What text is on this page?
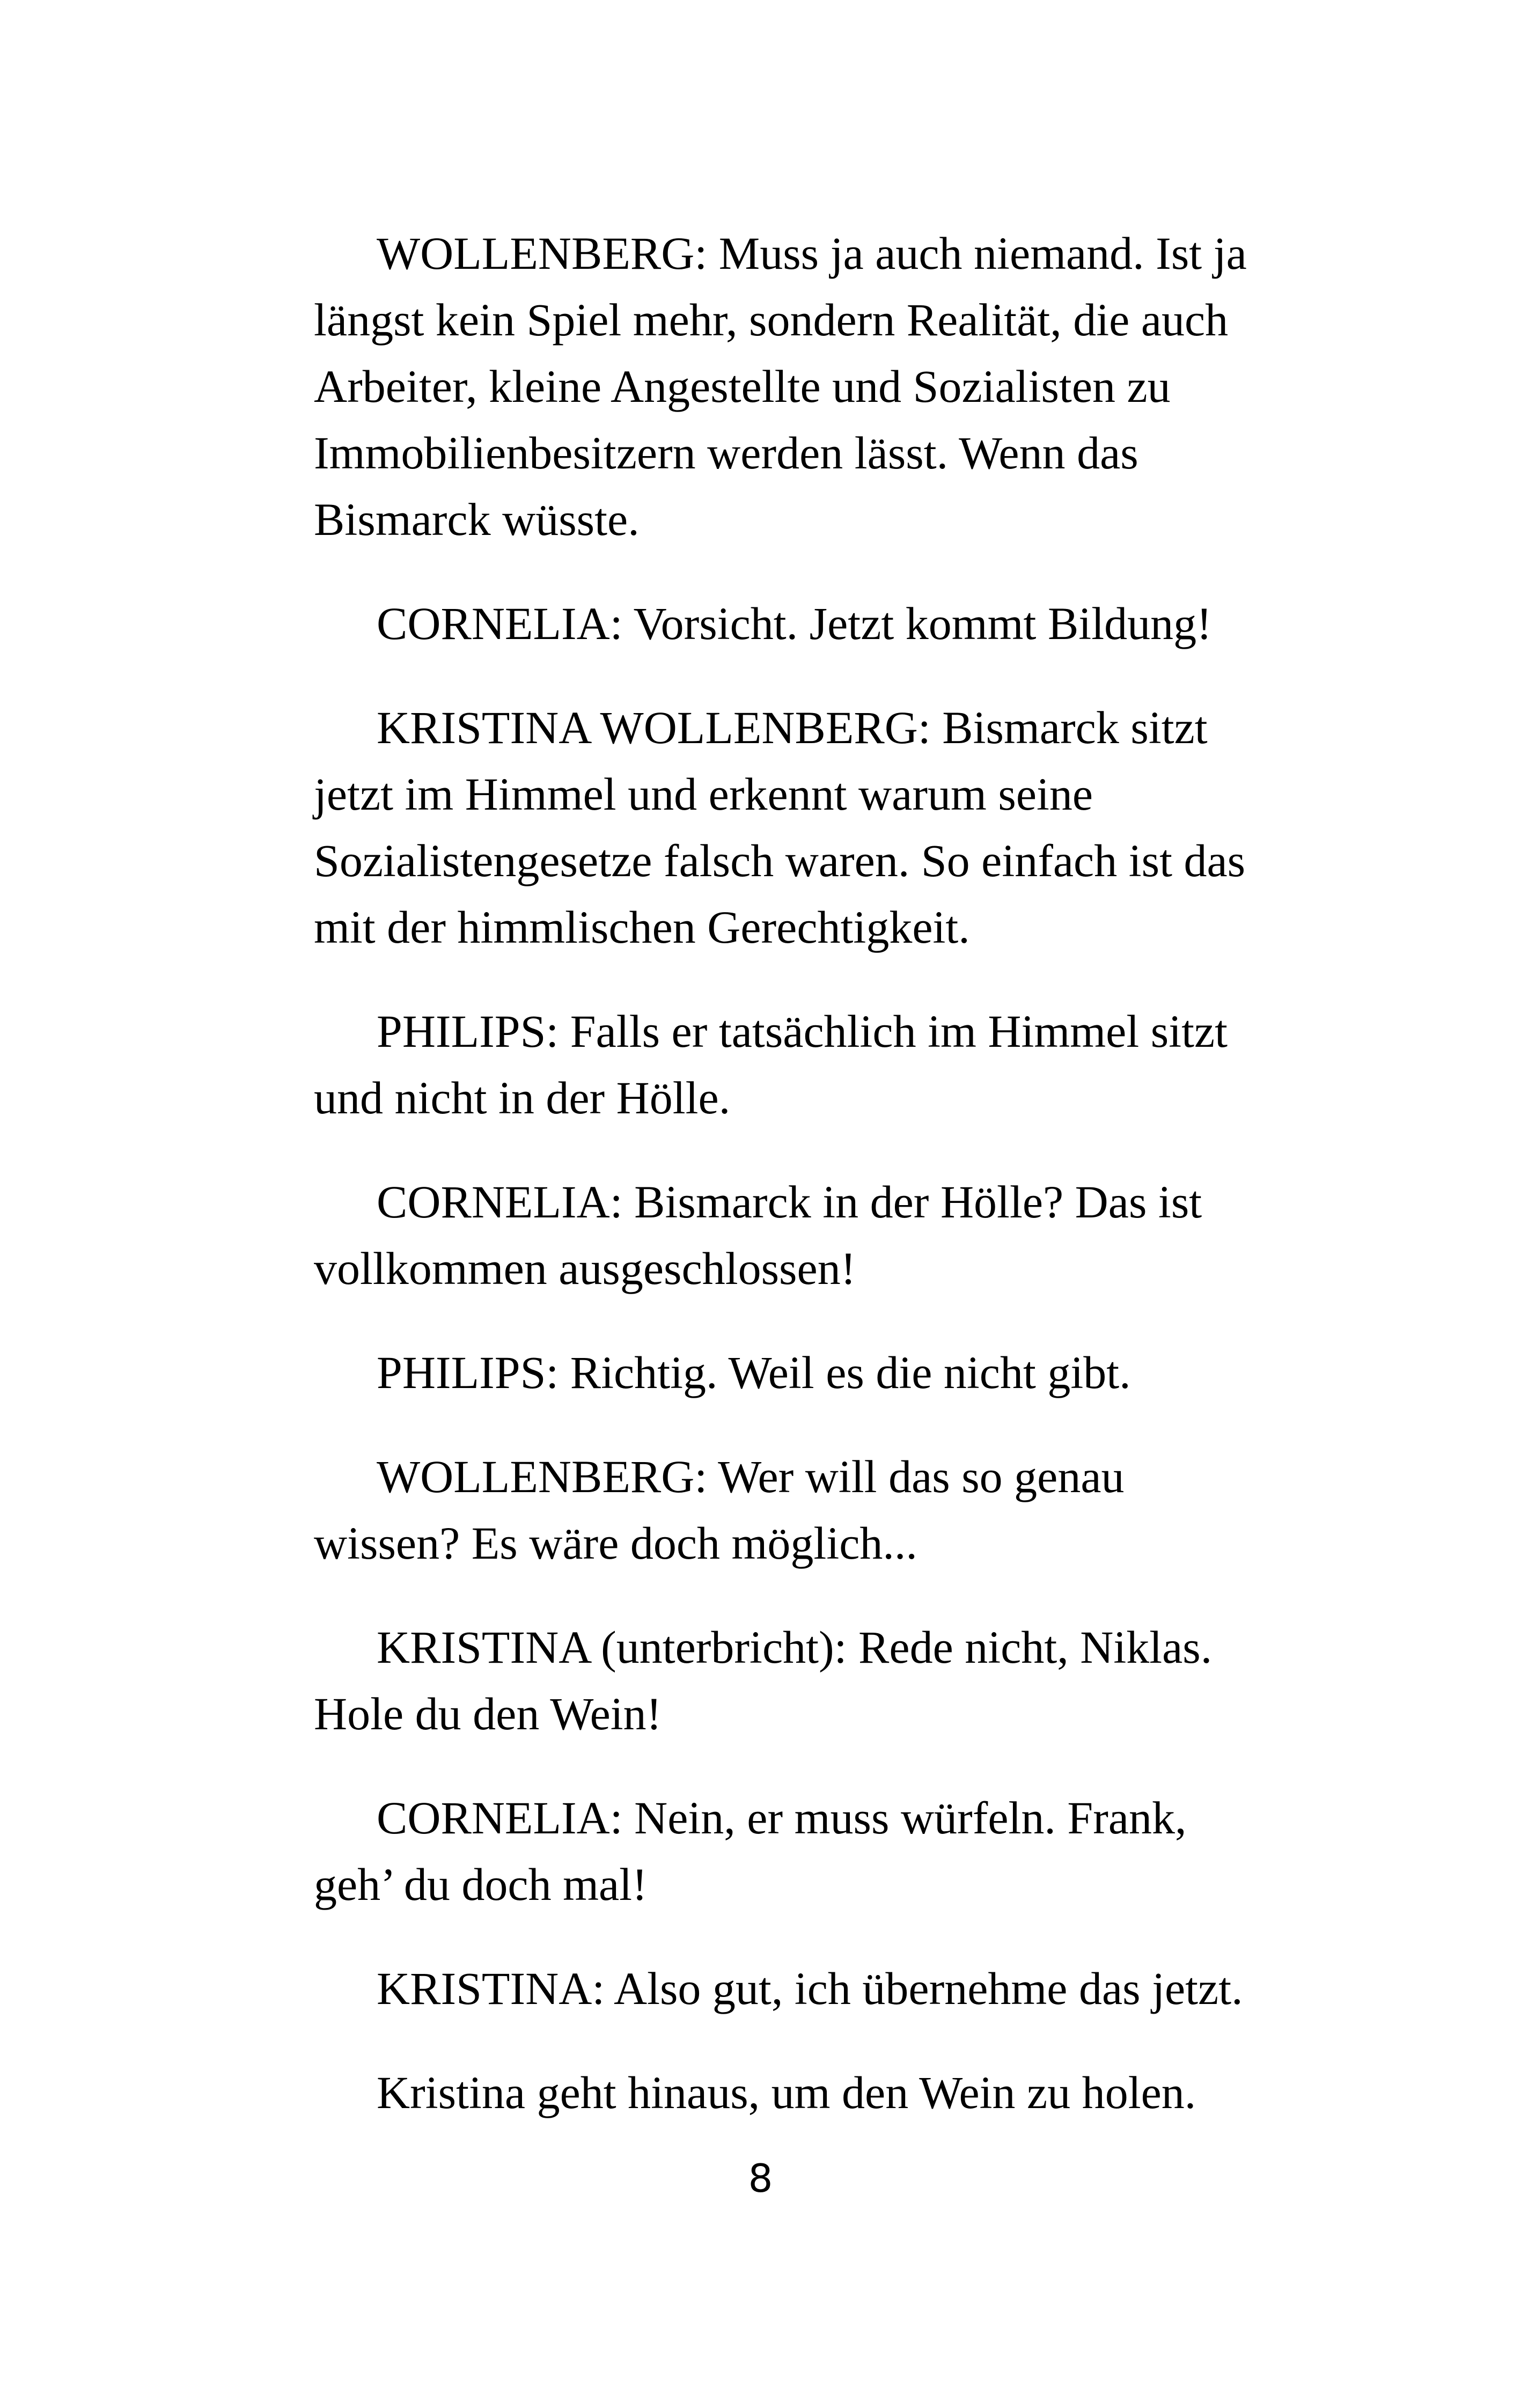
WOLLENBERG: Muss ja auch niemand. Ist ja längst kein Spiel mehr, sondern Realität, die auch Arbeiter, kleine Angestellte und Sozialisten zu Immobilienbesitzern werden lässt. Wenn das Bismarck wüsste.

CORNELIA: Vorsicht. Jetzt kommt Bildung!

KRISTINA WOLLENBERG: Bismarck sitzt jetzt im Himmel und erkennt warum seine Sozialistengesetze falsch waren. So einfach ist das mit der himmlischen Gerechtigkeit.

PHILIPS: Falls er tatsächlich im Himmel sitzt und nicht in der Hölle.

CORNELIA: Bismarck in der Hölle? Das ist vollkommen ausgeschlossen!

PHILIPS: Richtig. Weil es die nicht gibt.

WOLLENBERG: Wer will das so genau wissen? Es wäre doch möglich...

KRISTINA (unterbricht): Rede nicht, Niklas. Hole du den Wein!

CORNELIA: Nein, er muss würfeln. Frank, geh’ du doch mal!

KRISTINA: Also gut, ich übernehme das jetzt.

Kristina geht hinaus, um den Wein zu holen.

8
